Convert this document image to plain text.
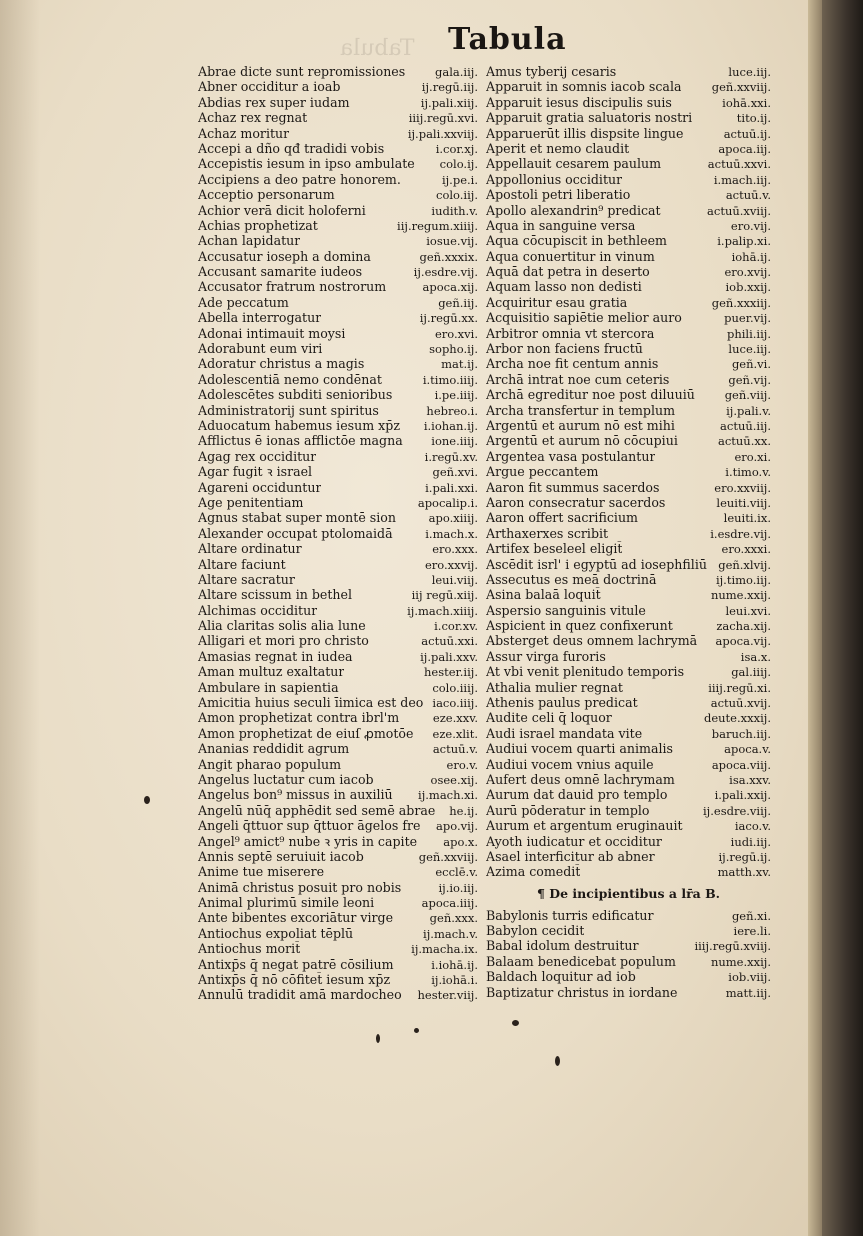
Tabula Tabula
Abrae dicte sunt repromissiones	gala.iij.
Abner occiditur a ioab	ij.regū.iij.
Abdias rex super iudam	ij.pali.xiij.
Achaz rex regnat	iiij.regū.xvi.
Achaz moritur	ij.pali.xxviij.
Accepi a dño qđ tradidi vobis	i.cor.xj.
Accepistis iesum in ipso ambulate	colo.ij.
Accipiens a deo patre honorem.	ij.pe.i.
Acceptio personarum	colo.iij.
Achior verā dicit holoferni	iudith.v.
Achias prophetizat	iij.regum.xiiij.
Achan lapidatur	iosue.vij.
Accusatur ioseph a domina	geñ.xxxix.
Accusant samarite iudeos	ij.esdre.vij.
Accusator fratrum nostrorum	apoca.xij.
Ade peccatum	geñ.iij.
Abella interrogatur	ij.regū.xx.
Adonai intimauit moysi	ero.xvi.
Adorabunt eum viri	sopho.ij.
Adoratur christus a magis	mat.ij.
Adolescentiā nemo condēnat	i.timo.iiij.
Adolescētes subditi senioribus	i.pe.iiij.
Administratorij sunt spiritus	hebreo.i.
Aduocatum habemus iesum xp̄z	i.iohan.ij.
Afflictus ē ionas afflictōe magna	ione.iiij.
Agag rex occiditur	i.regū.xv.
Agar fugit ꝛ israel	geñ.xvi.
Agareni occiduntur	i.pali.xxi.
Age penitentiam	apocalip.i.
Agnus stabat super montē sion	apo.xiiij.
Alexander occupat ptolomaidā	i.mach.x.
Altare ordinatur	ero.xxx.
Altare faciunt	ero.xxvij.
Altare sacratur	leui.viij.
Altare scissum in bethel	iij regū.xiij.
Alchimas occiditur	ij.mach.xiiij.
Alia claritas solis alia lune	i.cor.xv.
Alligari et mori pro christo	actuū.xxi.
Amasias regnat in iudea	ij.pali.xxv.
Aman multuz exaltatur	hester.iij.
Ambulare in sapientia	colo.iiij.
Amicitia huius seculi īimica est deo iaco.iiij.
Amon prophetizat contra ibrl'm	eze.xxv.
Amon prophetizat de eiuſ ꝓmotōe	eze.xlit.
Ananias reddidit agrum	actuū.v.
Angit pharao populum	ero.v.
Angelus luctatur cum iacob	osee.xij.
Angelus bon⁹ missus in auxiliū	ij.mach.xi.
Angelū nūq̄ apphēdit sed semē abrae	he.ij.
Angeli q̄ttuor sup q̄ttuor āgelos fre	apo.vij.
Angel⁹ amict⁹ nube ꝛ yris in capite	apo.x.
Annis septē seruiuit iacob	geñ.xxviij.
Anime tue miserere	ecclē.v.
Animā christus posuit pro nobis	ij.io.iij.
Animal plurimū simile leoni	apoca.iiij.
Ante bibentes excoriātur virge	geñ.xxx.
Antiochus expoliat tēplū	ij.mach.v.
Antiochus morit̄	ij.macha.ix.
Antixp̄s q̄ negat patrē cōsilium	i.iohā.ij.
Antixp̄s q̄ nō cōfitet̄ iesum xp̄z	ij.iohā.i.
Annulū tradidit amā mardocheo	hester.viij.
Amus tyberij cesaris	luce.iij.
Apparuit in somnis iacob scala	geñ.xxviij.
Apparuit iesus discipulis suis	iohā.xxi.
Apparuit gratia saluatoris nostri	tito.ij.
Apparuerūt illis dispsite lingue	actuū.ij.
Aperit et nemo claudit	apoca.iij.
Appellauit cesarem paulum	actuū.xxvi.
Appollonius occiditur	i.mach.iij.
Apostoli petri liberatio	actuū.v.
Apollo alexandrin⁹ predicat	actuū.xviij.
Aqua in sanguine versa	ero.vij.
Aqua cōcupiscit in bethleem	i.palip.xi.
Aqua conuertitur in vinum	iohā.ij.
Aquā dat petra in deserto	ero.xvij.
Aquam lasso non dedisti	iob.xxij.
Acquiritur esau gratia	geñ.xxxiij.
Acquisitio sapiētie melior auro	puer.vij.
Arbitror omnia vt stercora	phili.iij.
Arbor non faciens fructū	luce.iij.
Archa noe fit centum annis	geñ.vi.
Archā intrat noe cum ceteris	geñ.vij.
Archā egreditur noe post diluuiū	geñ.viij.
Archa transfertur in templum	ij.pali.v.
Argentū et aurum nō est mihi	actuū.iij.
Argentū et aurum nō cōcupiui	actuū.xx.
Argentea vasa postulantur	ero.xi.
Argue peccantem	i.timo.v.
Aaron fit summus sacerdos	ero.xxviij.
Aaron consecratur sacerdos	leuiti.viij.
Aaron offert sacrificium	leuiti.ix.
Arthaxerxes scribit	i.esdre.vij.
Artifex beseleel eligit̄	ero.xxxi.
Ascēdit isrl' i egyptū ad iosephfiliū geñ.xlvij.
Assecutus es meā doctrinā	ij.timo.iij.
Asina balaā loquit̄	nume.xxij.
Aspersio sanguinis vitule	leui.xvi.
Aspicient in quez confixerunt	zacha.xij.
Absterget deus omnem lachrymā	apoca.vij.
Assur virga furoris	isa.x.
At vbi venit plenitudo temporis	gal.iiij.
Athalia mulier regnat	iiij.regū.xi.
Athenis paulus predicat	actuū.xvij.
Audite celi q̄ loquor	deute.xxxij.
Audi israel mandata vite	baruch.iij.
Audiui vocem quarti animalis	apoca.v.
Audiui vocem vnius aquile	apoca.viij.
Aufert deus omnē lachrymam	isa.xxv.
Aurum dat dauid pro templo	i.pali.xxij.
Aurū pōderatur in templo	ij.esdre.viij.
Aurum et argentum eruginauit	iaco.v.
Ayoth iudicatur et occiditur	iudi.iij.
Asael interficitur ab abner	ij.regū.ij.
Azima comedit̄	matth.xv.
¶ De incipientibus a lr̄a B.
Babylonis turris edificatur	geñ.xi.
Babylon cecidit	iere.li.
Babal idolum destruitur	iiij.regū.xviij.
Balaam benedicebat populum	nume.xxij.
Baldach loquitur ad iob	iob.viij.
Baptizatur christus in iordane	matt.iij.
